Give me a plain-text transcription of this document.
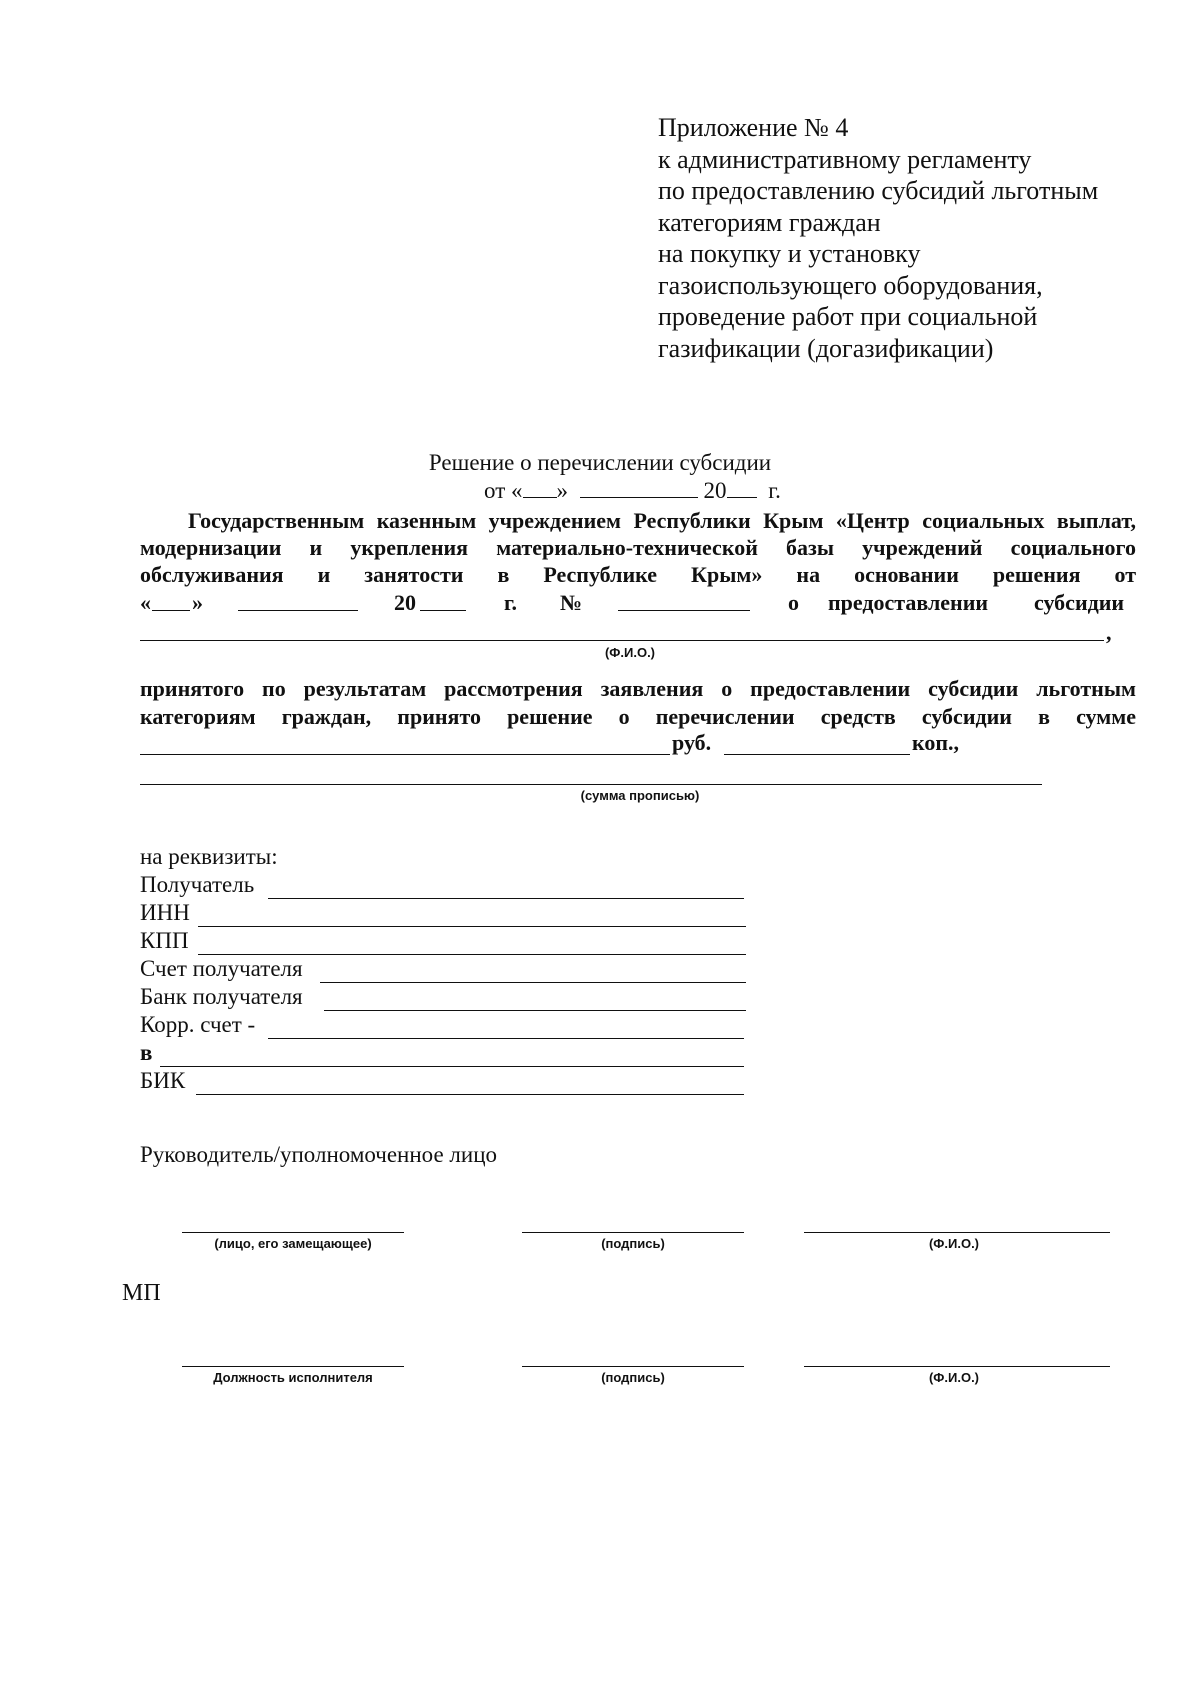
Приложение № 4
к административному регламенту
по предоставлению субсидий льготным
категориям граждан
на покупку и установку
газоиспользующего оборудования,
проведение работ при социальной
газификации (догазификации)
Решение о перечислении субсидии
от « »	20 г.
Государственным казенным учреждением Республики Крым «Центр социальных выплат,
модернизации и укрепления материально-технической базы учреждений социального
обслуживания и занятости в Республике Крым» на основании решения от
« »	20	г. №	о предоставлении субсидии
,
(Ф.И.О.)
принятого по результатам рассмотрения заявления о предоставлении субсидии льготным
категориям граждан, принято решение о перечислении средств субсидии в сумме
руб.	коп.,
(сумма прописью)
на реквизиты:
Получатель
ИНН
КПП
Счет получателя
Банк получателя
Корр. счет -
в
БИК
Руководитель/уполномоченное лицо
(лицо, его замещающее)	(подпись)	(Ф.И.О.)
МП
Должность исполнителя	(подпись)	(Ф.И.О.)
